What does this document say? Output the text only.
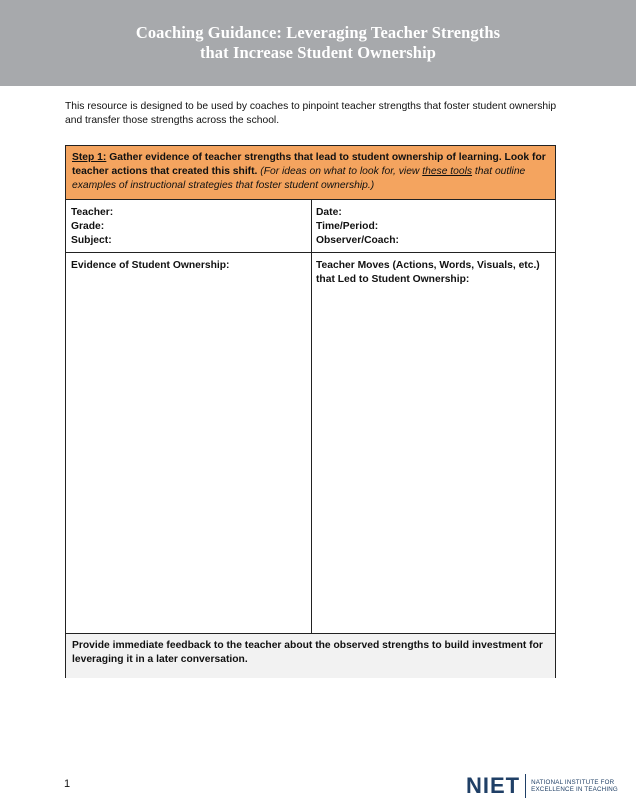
Coaching Guidance: Leveraging Teacher Strengths
that Increase Student Ownership
This resource is designed to be used by coaches to pinpoint teacher strengths that foster student ownership and transfer those strengths across the school.
Step 1: Gather evidence of teacher strengths that lead to student ownership of learning. Look for teacher actions that created this shift. (For ideas on what to look for, view these tools that outline examples of instructional strategies that foster student ownership.)
Teacher:
Grade:
Subject:
Date:
Time/Period:
Observer/Coach:
Evidence of Student Ownership:	Teacher Moves (Actions, Words, Visuals, etc.)
that Led to Student Ownership:
Provide immediate feedback to the teacher about the observed strengths to build investment for leveraging it in a later conversation.
1	NIET NATIONAL INSTITUTE FOR
EXCELLENCE IN TEACHING
